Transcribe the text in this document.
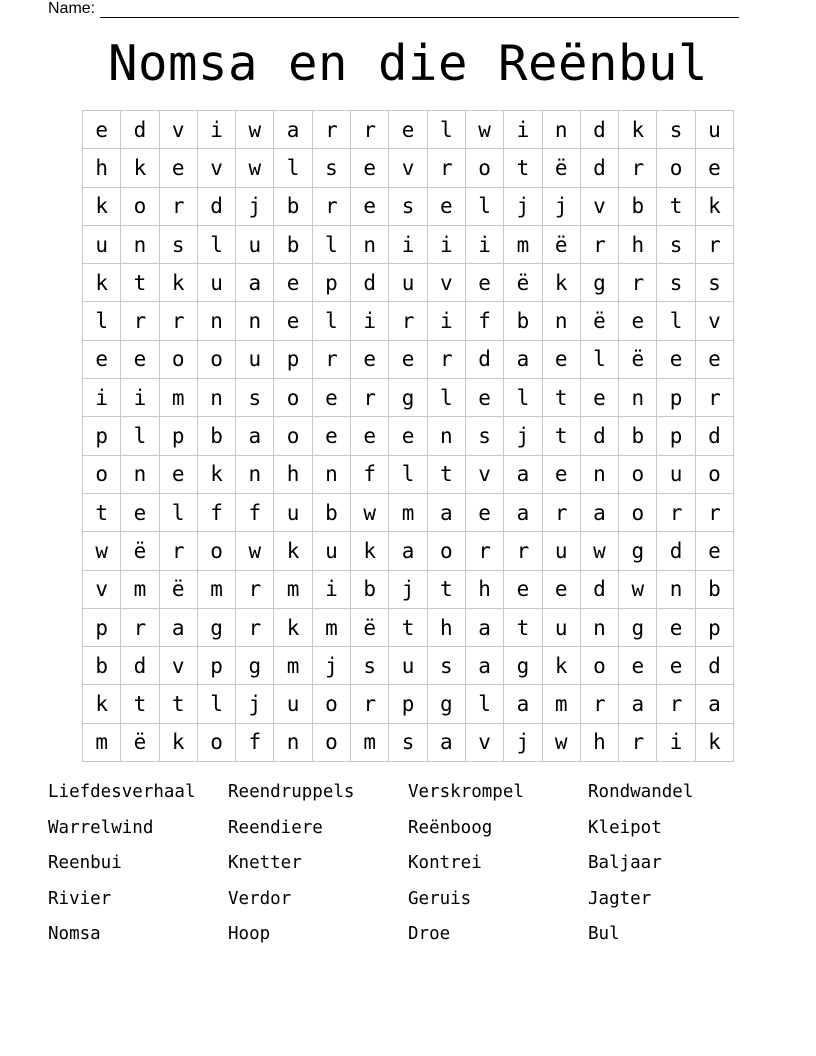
Name:
Nomsa en die Reënbul
e	d	v	i	w	a	r	r	e	l	w	i	n	d	k	s	u
h	k	e	v	w	l	s	e	v	r	o	t	ë	d	r	o	e
k	o	r	d	j	b	r	e	s	e	l	j	j	v	b	t	k
u	n	s	l	u	b	l	n	i	i	i	m	ë	r	h	s	r
k	t	k	u	a	e	p	d	u	v	e	ë	k	g	r	s	s
l	r	r	n	n	e	l	i	r	i	f	b	n	ë	e	l	v
e	e	o	o	u	p	r	e	e	r	d	a	e	l	ë	e	e
i	i	m	n	s	o	e	r	g	l	e	l	t	e	n	p	r
p	l	p	b	a	o	e	e	e	n	s	j	t	d	b	p	d
o	n	e	k	n	h	n	f	l	t	v	a	e	n	o	u	o
t	e	l	f	f	u	b	w	m	a	e	a	r	a	o	r	r
w	ë	r	o	w	k	u	k	a	o	r	r	u	w	g	d	e
v	m	ë	m	r	m	i	b	j	t	h	e	e	d	w	n	b
p	r	a	g	r	k	m	ë	t	h	a	t	u	n	g	e	p
b	d	v	p	g	m	j	s	u	s	a	g	k	o	e	e	d
k	t	t	l	j	u	o	r	p	g	l	a	m	r	a	r	a
m	ë	k	o	f	n	o	m	s	a	v	j	w	h	r	i	k
Liefdesverhaal	Reendruppels	Verskrompel	Rondwandel
Warrelwind	Reendiere	Reënboog	Kleipot
Reenbui	Knetter	Kontrei	Baljaar
Rivier	Verdor	Geruis	Jagter
Nomsa	Hoop	Droe	Bul
